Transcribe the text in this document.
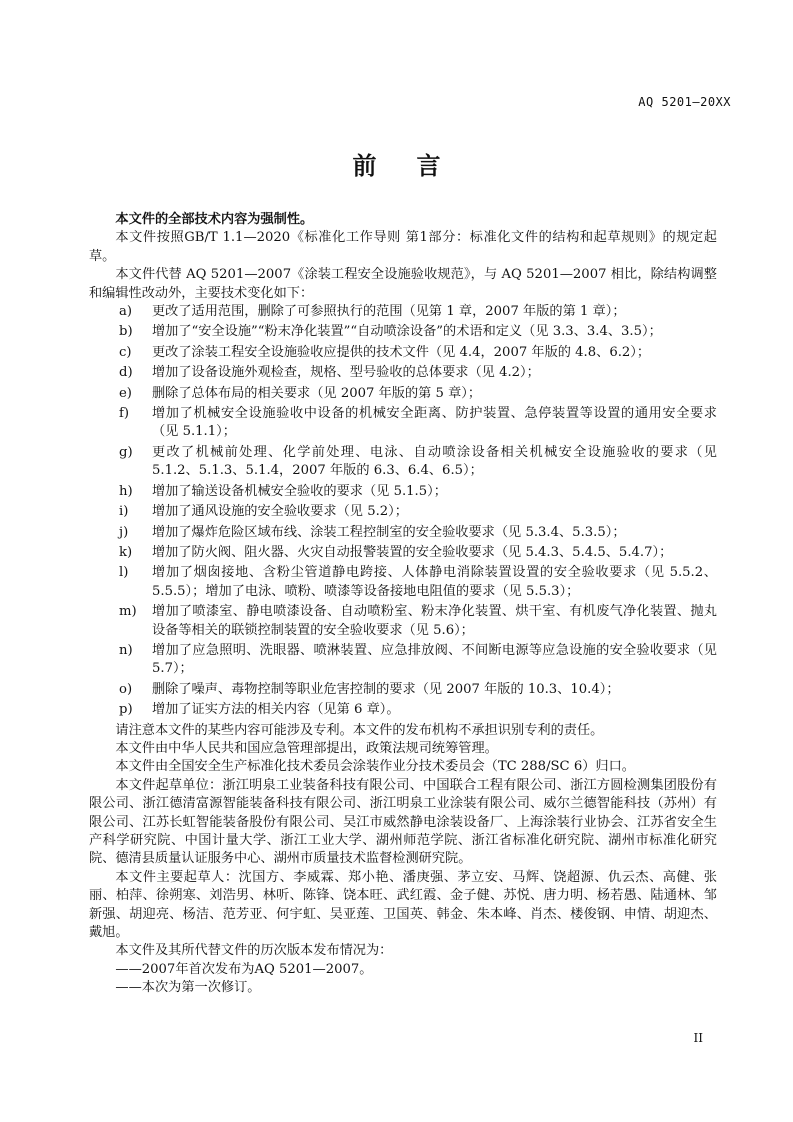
AQ 5201—20XX
前 言

本文件的全部技术内容为强制性。

本文件按照GB/T 1.1—2020《标准化工作导则 第1部分：标准化文件的结构和起草规则》的规定起草。

本文件代替 AQ 5201—2007《涂装工程安全设施验收规范》，与 AQ 5201—2007 相比，除结构调整和编辑性改动外，主要技术变化如下：

a)	更改了适用范围，删除了可参照执行的范围（见第 1 章，2007 年版的第 1 章）；
b)	增加了“安全设施”“粉末净化装置”“自动喷涂设备”的术语和定义（见 3.3、3.4、3.5）；
c)	更改了涂装工程安全设施验收应提供的技术文件（见 4.4，2007 年版的 4.8、6.2）；
d)	增加了设备设施外观检查，规格、型号验收的总体要求（见 4.2）；
e)	删除了总体布局的相关要求（见 2007 年版的第 5 章）；
f)	增加了机械安全设施验收中设备的机械安全距离、防护装置、急停装置等设置的通用安全要求（见 5.1.1）；
g)	更改了机械前处理、化学前处理、电泳、自动喷涂设备相关机械安全设施验收的要求（见 5.1.2、5.1.3、5.1.4，2007 年版的 6.3、6.4、6.5）；
h)	增加了输送设备机械安全验收的要求（见 5.1.5）；
i)	增加了通风设施的安全验收要求（见 5.2）；
j)	增加了爆炸危险区域布线、涂装工程控制室的安全验收要求（见 5.3.4、5.3.5）；
k)	增加了防火阀、阻火器、火灾自动报警装置的安全验收要求（见 5.4.3、5.4.5、5.4.7）；
l)	增加了烟囱接地、含粉尘管道静电跨接、人体静电消除装置设置的安全验收要求（见 5.5.2、5.5.5）；增加了电泳、喷粉、喷漆等设备接地电阻值的要求（见 5.5.3）；
m)	增加了喷漆室、静电喷漆设备、自动喷粉室、粉末净化装置、烘干室、有机废气净化装置、抛丸设备等相关的联锁控制装置的安全验收要求（见 5.6）；
n)	增加了应急照明、洗眼器、喷淋装置、应急排放阀、不间断电源等应急设施的安全验收要求（见 5.7）；
o)	删除了噪声、毒物控制等职业危害控制的要求（见 2007 年版的 10.3、10.4）；
p)	增加了证实方法的相关内容（见第 6 章）。

请注意本文件的某些内容可能涉及专利。本文件的发布机构不承担识别专利的责任。

本文件由中华人民共和国应急管理部提出，政策法规司统筹管理。

本文件由全国安全生产标准化技术委员会涂装作业分技术委员会（TC 288/SC 6）归口。

本文件起草单位：浙江明泉工业装备科技有限公司、中国联合工程有限公司、浙江方圆检测集团股份有限公司、浙江德清富源智能装备科技有限公司、浙江明泉工业涂装有限公司、威尔兰德智能科技（苏州）有限公司、江苏长虹智能装备股份有限公司、吴江市威然静电涂装设备厂、上海涂装行业协会、江苏省安全生产科学研究院、中国计量大学、浙江工业大学、湖州师范学院、浙江省标准化研究院、湖州市标准化研究院、德清县质量认证服务中心、湖州市质量技术监督检测研究院。

本文件主要起草人：沈国方、李威霖、郑小艳、潘庚强、茅立安、马辉、饶超源、仇云杰、高健、张丽、柏萍、徐朔寒、刘浩男、林听、陈锋、饶本旺、武红霞、金子健、苏悦、唐力明、杨若愚、陆通林、邹新强、胡迎亮、杨洁、范芳亚、何宇虹、吴亚莲、卫国英、韩金、朱本峰、肖杰、楼俊钢、申情、胡迎杰、戴旭。

本文件及其所代替文件的历次版本发布情况为：

——2007年首次发布为AQ 5201—2007。

——本次为第一次修订。

II
